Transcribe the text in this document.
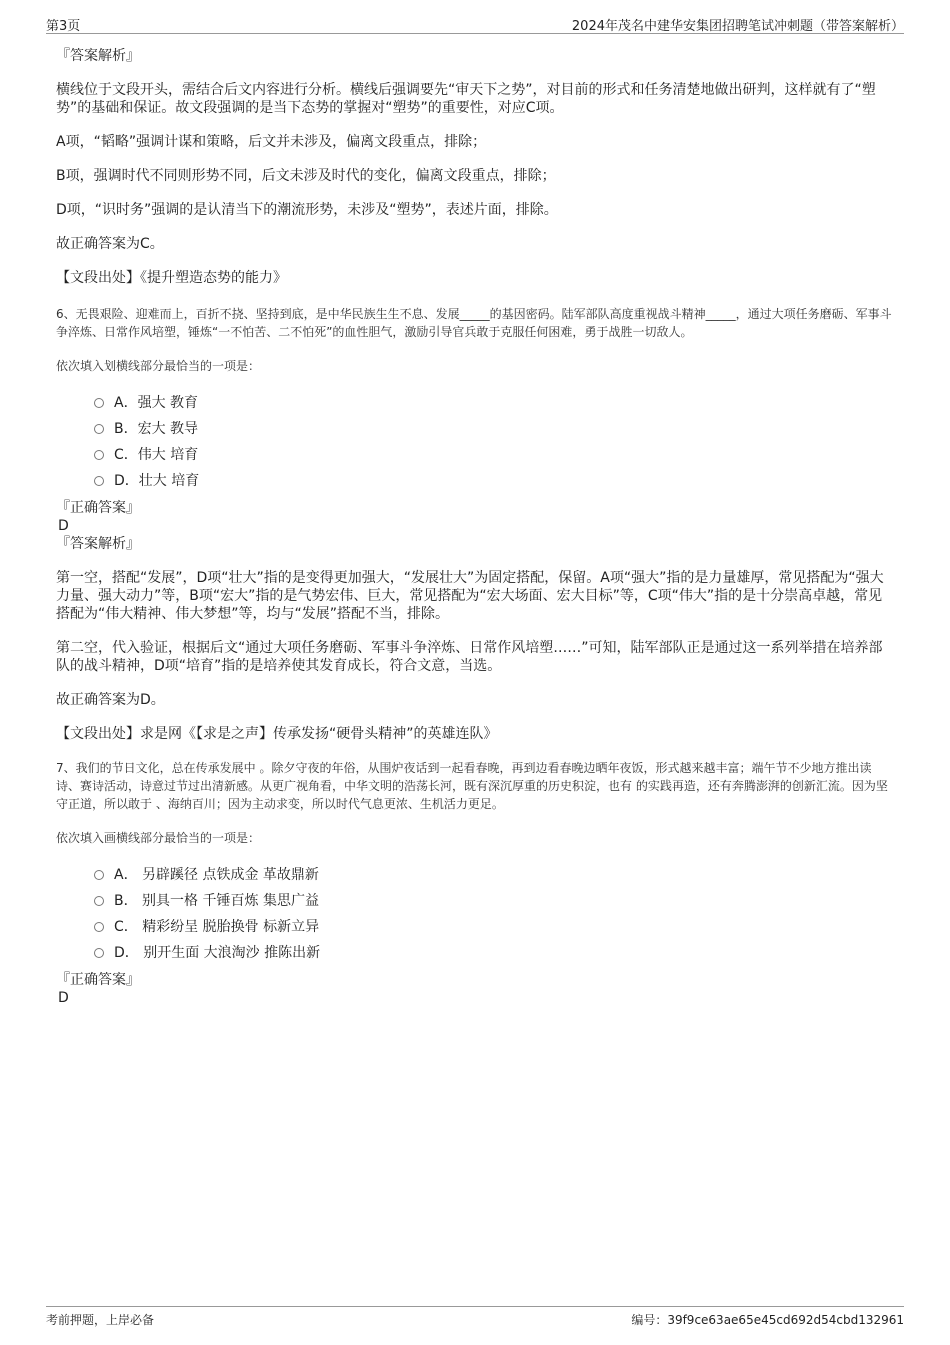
第3页	2024年茂名中建华安集团招聘笔试冲刺题（带答案解析）

『答案解析』

横线位于文段开头，需结合后文内容进行分析。横线后强调要先“审天下之势”，对目前的形式和任务清楚地做出研判，这样就有了“塑势”的基础和保证。故文段强调的是当下态势的掌握对“塑势”的重要性，对应C项。

A项，“韬略”强调计谋和策略，后文并未涉及，偏离文段重点，排除；

B项，强调时代不同则形势不同，后文未涉及时代的变化，偏离文段重点，排除；

D项，“识时务”强调的是认清当下的潮流形势，未涉及“塑势”，表述片面，排除。

故正确答案为C。

【文段出处】《提升塑造态势的能力》

6、无畏艰险、迎难而上，百折不挠、坚持到底，是中华民族生生不息、发展_____的基因密码。陆军部队高度重视战斗精神_____，通过大项任务磨砺、军事斗争淬炼、日常作风培塑，锤炼“一不怕苦、二不怕死”的血性胆气，激励引导官兵敢于克服任何困难，勇于战胜一切敌人。

依次填入划横线部分最恰当的一项是：

A．强大 教育
B．宏大 教导
C．伟大 培育
D．壮大 培育

『正确答案』

D

『答案解析』

第一空，搭配“发展”，D项“壮大”指的是变得更加强大，“发展壮大”为固定搭配，保留。A项“强大”指的是力量雄厚，常见搭配为“强大力量、强大动力”等，B项“宏大”指的是气势宏伟、巨大，常见搭配为“宏大场面、宏大目标”等，C项“伟大”指的是十分崇高卓越，常见搭配为“伟大精神、伟大梦想”等，均与“发展”搭配不当，排除。

第二空，代入验证，根据后文“通过大项任务磨砺、军事斗争淬炼、日常作风培塑……”可知，陆军部队正是通过这一系列举措在培养部队的战斗精神，D项“培育”指的是培养使其发育成长，符合文意，当选。

故正确答案为D。

【文段出处】求是网《【求是之声】传承发扬“硬骨头精神”的英雄连队》

7、我们的节日文化，总在传承发展中 。除夕守夜的年俗，从围炉夜话到一起看春晚，再到边看春晚边晒年夜饭，形式越来越丰富；端午节不少地方推出读诗、赛诗活动，诗意过节过出清新感。从更广视角看，中华文明的浩荡长河，既有深沉厚重的历史积淀，也有 的实践再造，还有奔腾澎湃的创新汇流。因为坚守正道，所以敢于 、海纳百川；因为主动求变，所以时代气息更浓、生机活力更足。

依次填入画横线部分最恰当的一项是：

A． 另辟蹊径 点铁成金 革故鼎新
B． 别具一格 千锤百炼 集思广益
C． 精彩纷呈 脱胎换骨 标新立异
D． 别开生面 大浪淘沙 推陈出新

『正确答案』

D

考前押题，上岸必备	编号：39f9ce63ae65e45cd692d54cbd132961
